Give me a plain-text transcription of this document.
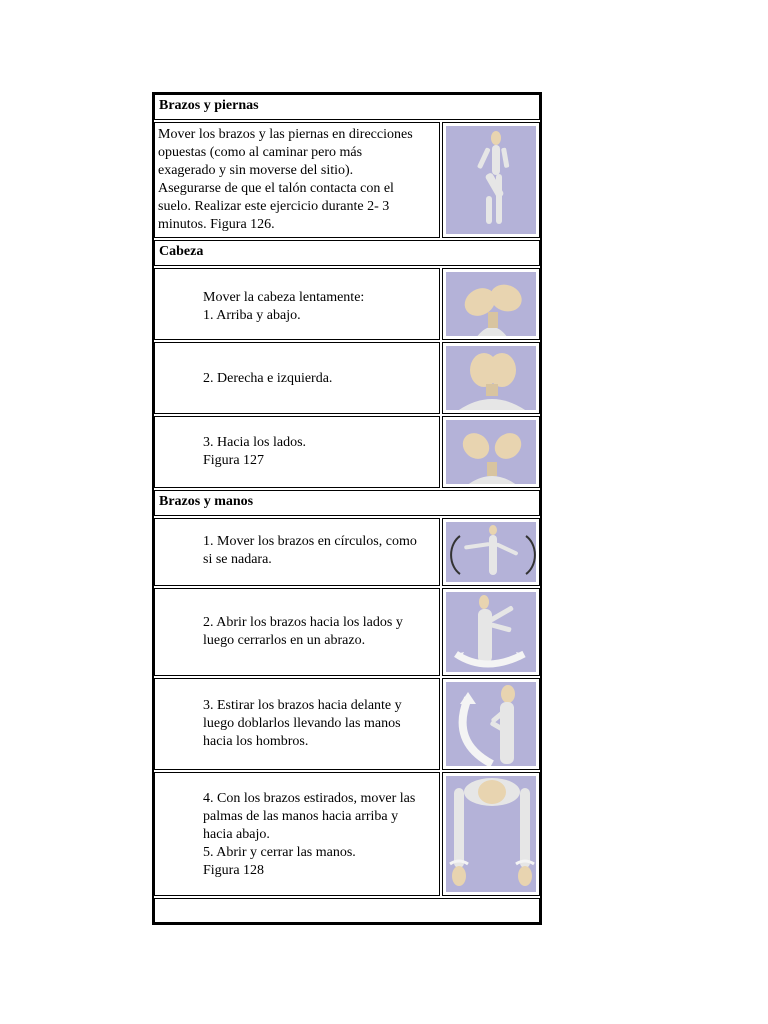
Brazos y piernas
Mover los brazos y las piernas en direcciones
opuestas (como al caminar pero más
exagerado y sin moverse del sitio).
Asegurarse de que el talón contacta con el
suelo. Realizar este ejercicio durante 2- 3
minutos. Figura 126.
Cabeza
Mover la cabeza lentamente:
1. Arriba y abajo.
2. Derecha e izquierda.
3. Hacia los lados.
Figura 127
Brazos y manos
1. Mover los brazos en círculos, como
si se nadara.
2. Abrir los brazos hacia los lados y
luego cerrarlos en un abrazo.
3. Estirar los brazos hacia delante y
luego doblarlos llevando las manos
hacia los hombros.
4. Con los brazos estirados, mover las
palmas de las manos hacia arriba y
hacia abajo.
5. Abrir y cerrar las manos.
Figura 128
